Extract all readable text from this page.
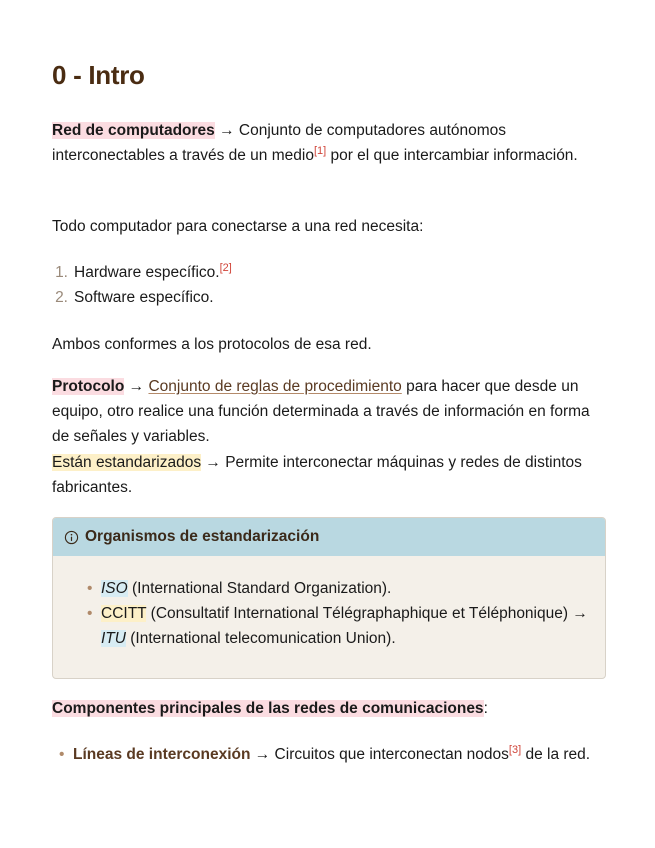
0 - Intro

Red de computadores → Conjunto de computadores autónomos interconectables a través de un medio[1] por el que intercambiar información.

Todo computador para conectarse a una red necesita:

1. Hardware específico.[2]
2. Software específico.

Ambos conformes a los protocolos de esa red.

Protocolo → Conjunto de reglas de procedimiento para hacer que desde un equipo, otro realice una función determinada a través de información en forma de señales y variables.

Están estandarizados → Permite interconectar máquinas y redes de distintos fabricantes.

Organismos de estandarización
• ISO (International Standard Organization).
• CCITT (Consultatif International Télégraphaphique et Téléphonique) → ITU (International telecomunication Union).

Componentes principales de las redes de comunicaciones:

• Líneas de interconexión → Circuitos que interconectan nodos[3] de la red.
